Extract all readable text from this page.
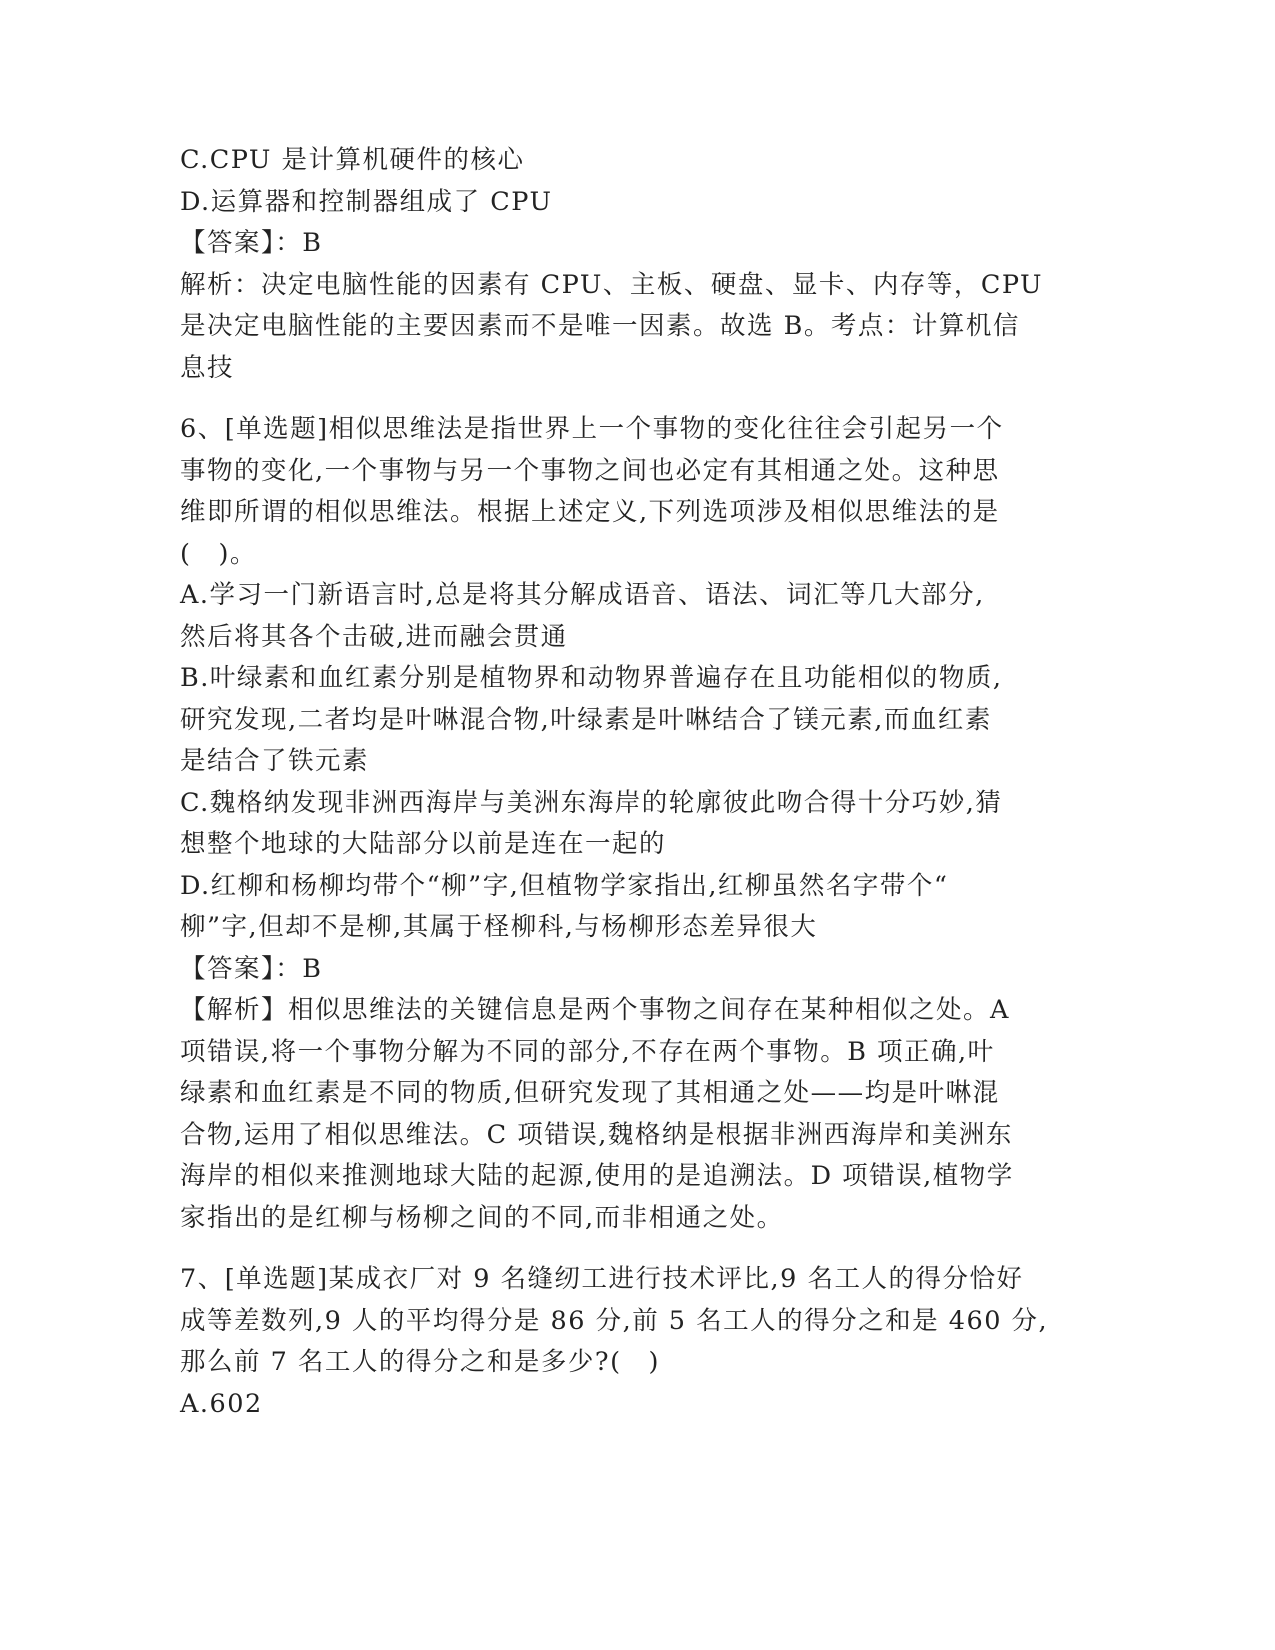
C.CPU 是计算机硬件的核心
D.运算器和控制器组成了 CPU
【答案】：B
解析：决定电脑性能的因素有 CPU、主板、硬盘、显卡、内存等，CPU
是决定电脑性能的主要因素而不是唯一因素。故选 B。考点：计算机信
息技
6、[单选题]相似思维法是指世界上一个事物的变化往往会引起另一个
事物的变化,一个事物与另一个事物之间也必定有其相通之处。这种思
维即所谓的相似思维法。根据上述定义,下列选项涉及相似思维法的是
(　)。
A.学习一门新语言时,总是将其分解成语音、语法、词汇等几大部分,
然后将其各个击破,进而融会贯通
B.叶绿素和血红素分别是植物界和动物界普遍存在且功能相似的物质,
研究发现,二者均是叶啉混合物,叶绿素是叶啉结合了镁元素,而血红素
是结合了铁元素
C.魏格纳发现非洲西海岸与美洲东海岸的轮廓彼此吻合得十分巧妙,猜
想整个地球的大陆部分以前是连在一起的
D.红柳和杨柳均带个“柳”字,但植物学家指出,红柳虽然名字带个“
柳”字,但却不是柳,其属于柽柳科,与杨柳形态差异很大
【答案】：B
【解析】相似思维法的关键信息是两个事物之间存在某种相似之处。A
项错误,将一个事物分解为不同的部分,不存在两个事物。B 项正确,叶
绿素和血红素是不同的物质,但研究发现了其相通之处——均是叶啉混
合物,运用了相似思维法。C 项错误,魏格纳是根据非洲西海岸和美洲东
海岸的相似来推测地球大陆的起源,使用的是追溯法。D 项错误,植物学
家指出的是红柳与杨柳之间的不同,而非相通之处。
7、[单选题]某成衣厂对 9 名缝纫工进行技术评比,9 名工人的得分恰好
成等差数列,9 人的平均得分是 86 分,前 5 名工人的得分之和是 460 分,
那么前 7 名工人的得分之和是多少?(　)
A.602
